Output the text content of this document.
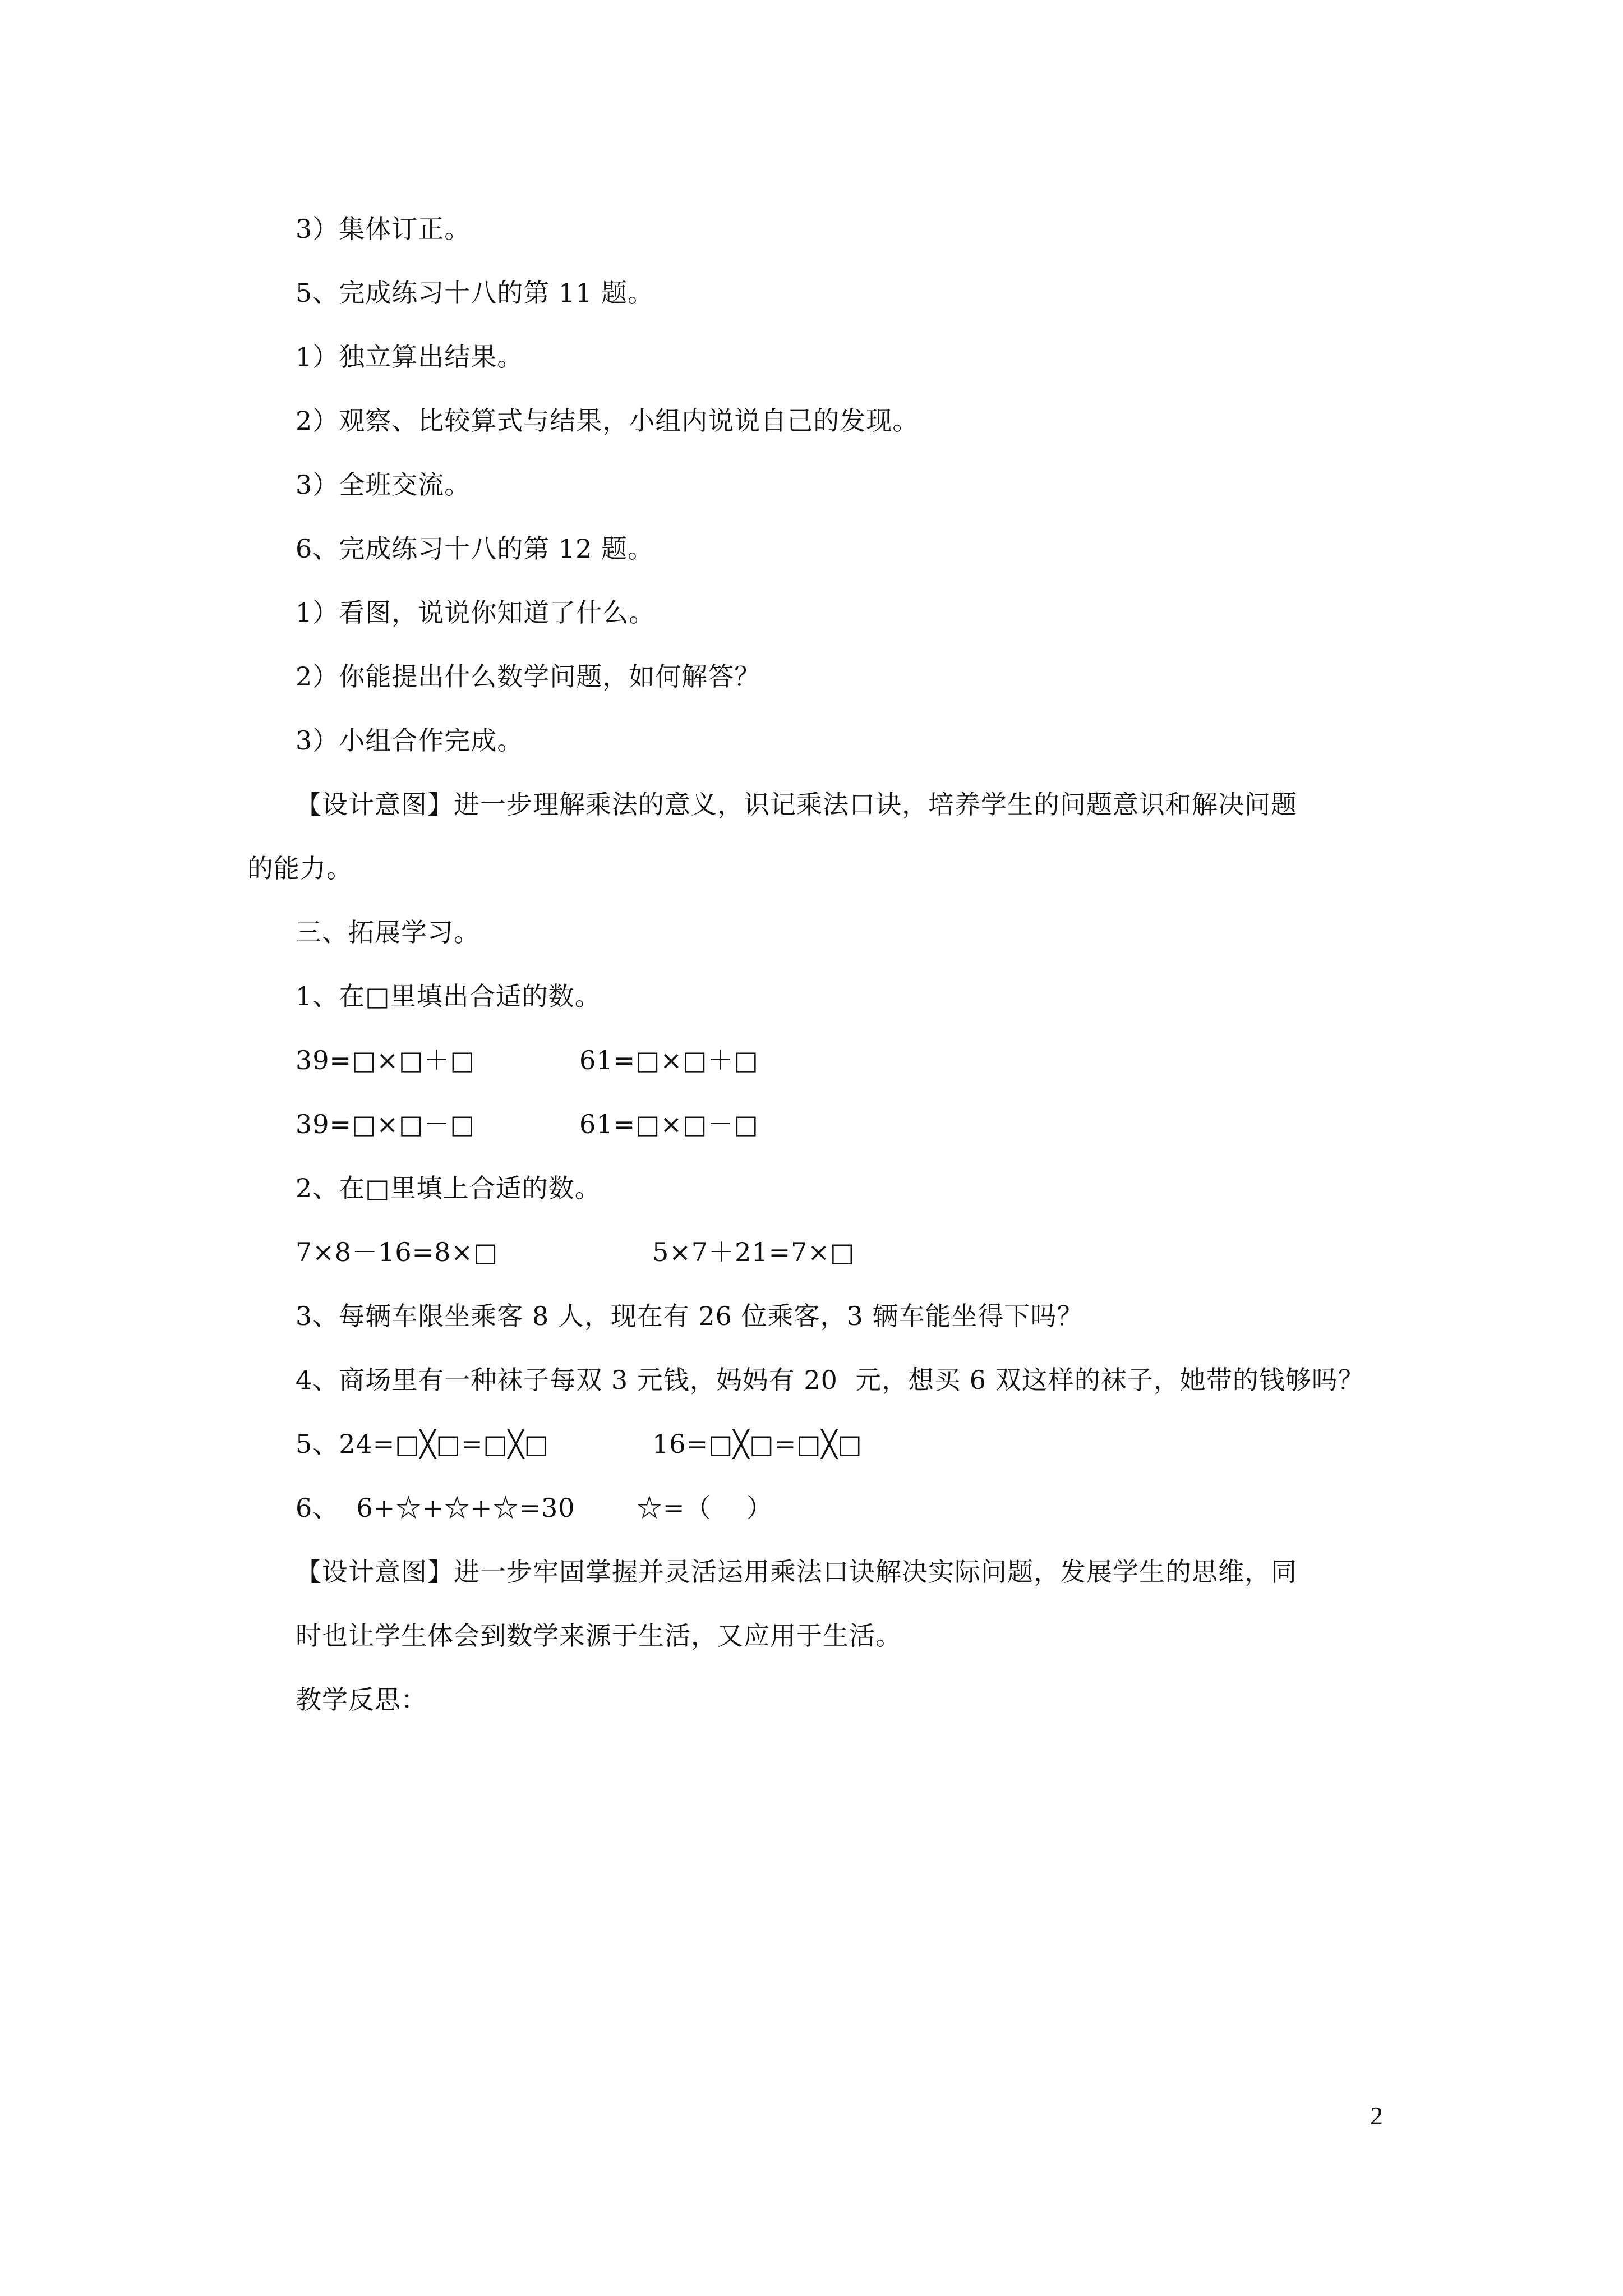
3）集体订正。
5、完成练习十八的第 11 题。
1）独立算出结果。
2）观察、比较算式与结果，小组内说说自己的发现。
3）全班交流。
6、完成练习十八的第 12 题。
1）看图，说说你知道了什么。
2）你能提出什么数学问题，如何解答？
3）小组合作完成。
【设计意图】进一步理解乘法的意义，识记乘法口诀，培养学生的问题意识和解决问题
的能力。
三、拓展学习。
1、在□里填出合适的数。
39=□×□＋□	61=□×□＋□
39=□×□－□	61=□×□－□
2、在□里填上合适的数。
7×8－16=8×□	5×7＋21=7×□
3、每辆车限坐乘客 8 人，现在有 26 位乘客，3 辆车能坐得下吗？
4、商场里有一种袜子每双 3 元钱，妈妈有 20  元，想买 6 双这样的袜子，她带的钱够吗？
5、24=□╳□=□╳□	16=□╳□=□╳□
6、  6+☆+☆+☆=30       ☆=（    ）
【设计意图】进一步牢固掌握并灵活运用乘法口诀解决实际问题，发展学生的思维，同
时也让学生体会到数学来源于生活，又应用于生活。
教学反思：
2
